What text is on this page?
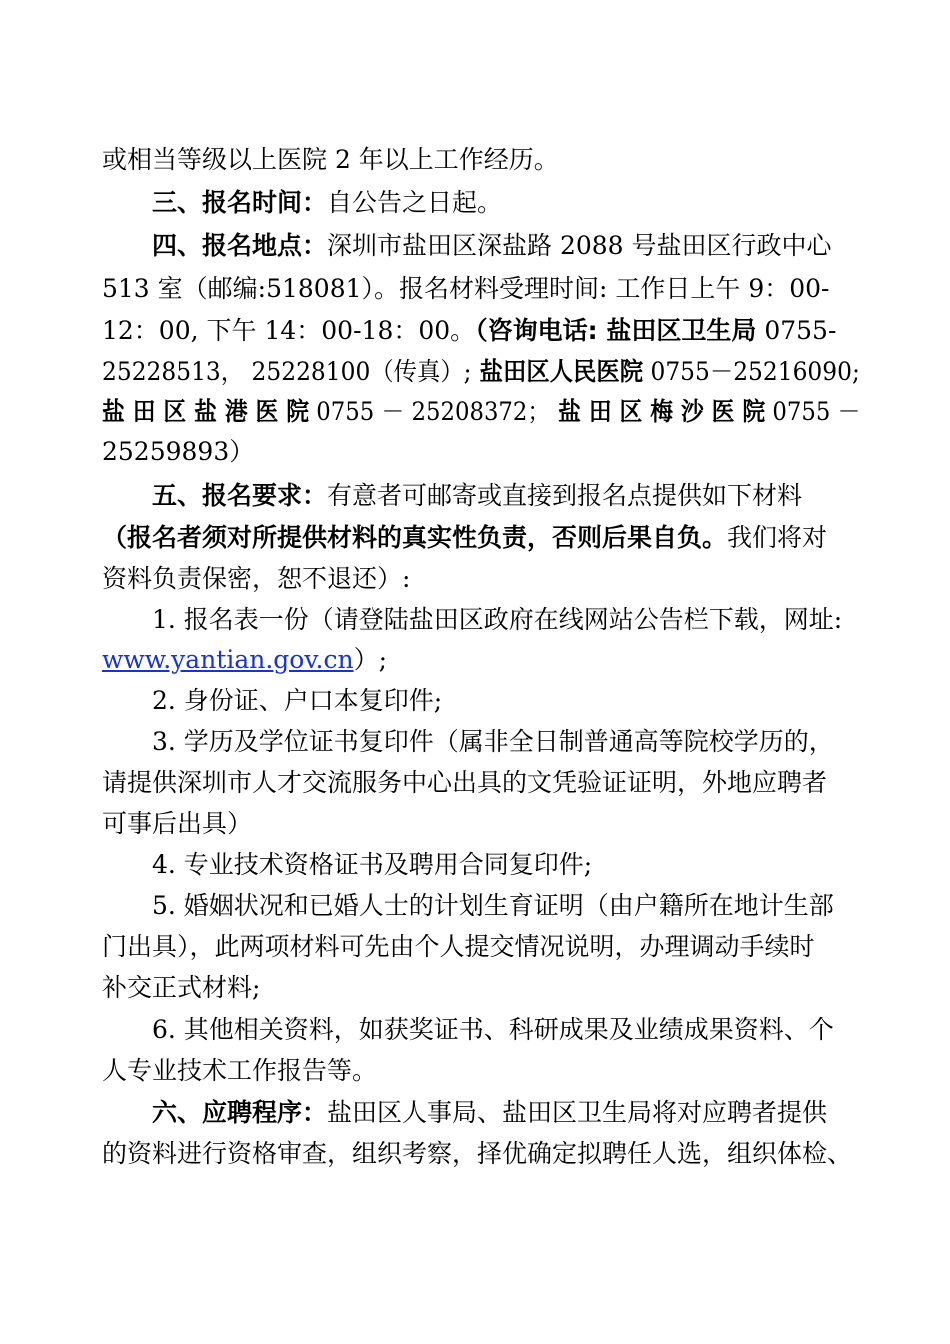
或相当等级以上医院 2 年以上工作经历。
三、报名时间：自公告之日起。
四、报名地点：深圳市盐田区深盐路 2088 号盐田区行政中心
513 室（邮编:518081）。报名材料受理时间: 工作日上午 9：00-
12：00, 下午 14：00-18：00。（咨询电话: 盐田区卫生局 0755-
25228513， 25228100（传真）; 盐田区人民医院 0755－25216090;
盐 田 区 盐 港 医 院 0755 － 25208372； 盐 田 区 梅 沙 医 院 0755 －
25259893）
五、报名要求：有意者可邮寄或直接到报名点提供如下材料
（报名者须对所提供材料的真实性负责，否则后果自负。我们将对
资料负责保密，恕不退还）:
1. 报名表一份（请登陆盐田区政府在线网站公告栏下载，网址:
www.yantian.gov.cn）;
2. 身份证、户口本复印件;
3. 学历及学位证书复印件（属非全日制普通高等院校学历的，
请提供深圳市人才交流服务中心出具的文凭验证证明，外地应聘者
可事后出具）
4. 专业技术资格证书及聘用合同复印件;
5. 婚姻状况和已婚人士的计划生育证明（由户籍所在地计生部
门出具），此两项材料可先由个人提交情况说明，办理调动手续时
补交正式材料;
6. 其他相关资料，如获奖证书、科研成果及业绩成果资料、个
人专业技术工作报告等。
六、应聘程序：盐田区人事局、盐田区卫生局将对应聘者提供
的资料进行资格审查，组织考察，择优确定拟聘任人选，组织体检、
